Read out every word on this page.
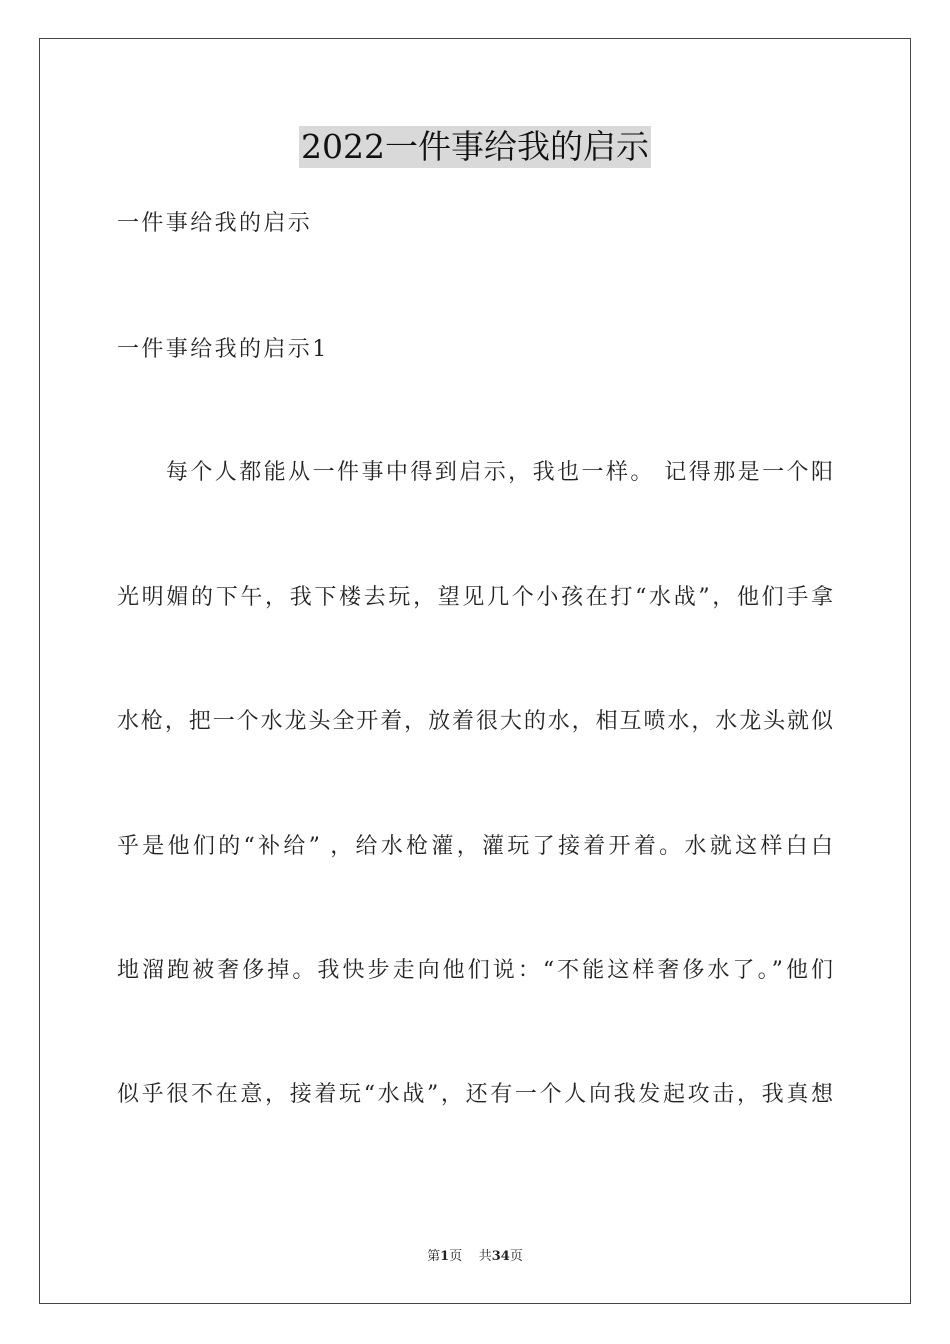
2022一件事给我的启示
一件事给我的启示
一件事给我的启示1
　　每个人都能从一件事中得到启示，我也一样。 记得那是一个阳
光明媚的下午，我下楼去玩，望见几个小孩在打“水战”，他们手拿
水枪，把一个水龙头全开着，放着很大的水，相互喷水，水龙头就似
乎是他们的“补给” ，给水枪灌，灌玩了接着开着。水就这样白白
地溜跑被奢侈掉。我快步走向他们说：“不能这样奢侈水了。”他们
似乎很不在意，接着玩“水战”，还有一个人向我发起攻击，我真想
第1页 共34页
